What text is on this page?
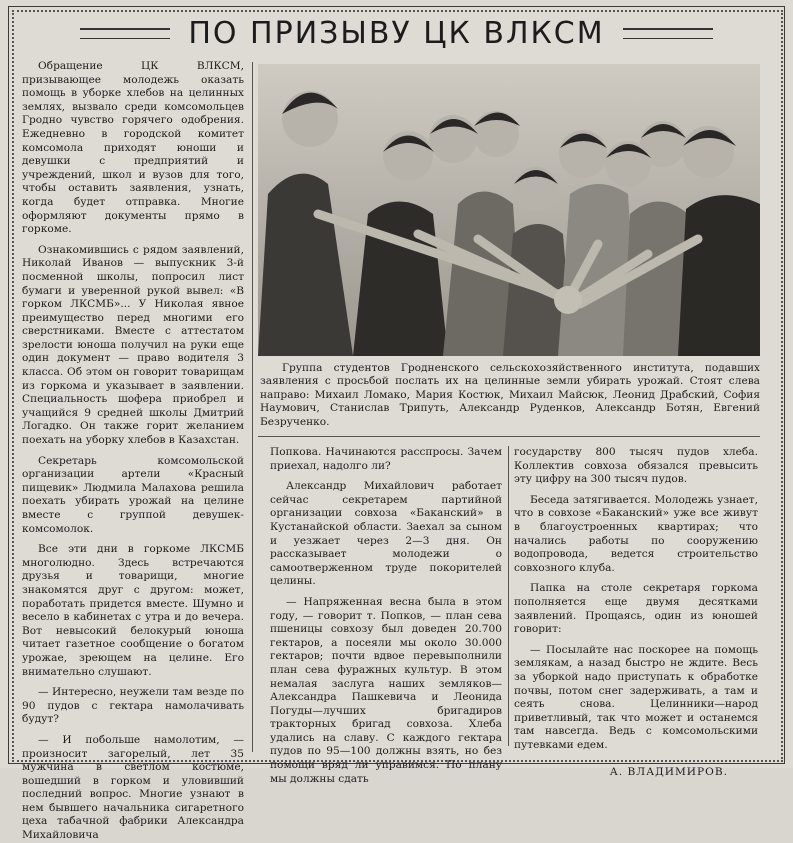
ПО ПРИЗЫВУ ЦК ВЛКСМ

Обращение ЦК ВЛКСМ, призывающее молодежь оказать помощь в уборке хлебов на целинных землях, вызвало среди комсомольцев Гродно чувство горячего одобрения. Ежедневно в городской комитет комсомола приходят юноши и девушки с предприятий и учреждений, школ и вузов для того, чтобы оставить заявления, узнать, когда будет отправка. Многие оформляют документы прямо в горкоме.

Ознакомившись с рядом заявлений, Николай Иванов — выпускник 3-й посменной школы, попросил лист бумаги и уверенной рукой вывел: «В горком ЛКСМБ»... У Николая явное преимущество перед многими его сверстниками. Вместе с аттестатом зрелости юноша получил на руки еще один документ — право водителя 3 класса. Об этом он говорит товарищам из горкома и указывает в заявлении. Специальность шофера приобрел и учащийся 9 средней школы Дмитрий Логадко. Он также горит желанием поехать на уборку хлебов в Казахстан.

Секретарь комсомольской организации артели «Красный пищевик» Людмила Малахова решила поехать убирать урожай на целине вместе с группой девушек-комсомолок.

Все эти дни в горкоме ЛКСМБ многолюдно. Здесь встречаются друзья и товарищи, многие знакомятся друг с другом: может, поработать придется вместе. Шумно и весело в кабинетах с утра и до вечера. Вот невысокий белокурый юноша читает газетное сообщение о богатом урожае, зреющем на целине. Его внимательно слушают.

— Интересно, неужели там везде по 90 пудов с гектара намолачивать будут?

— И побольше намолотим, — произносит загорелый, лет 35 мужчина в светлом костюме, вошедший в горком и уловивший последний вопрос. Многие узнают в нем бывшего начальника сигаретного цеха табачной фабрики Александра Михайловича

Группа студентов Гродненского сельскохозяйственного института, подавших заявления с просьбой послать их на целинные земли убирать урожай. Стоят слева направо: Михаил Ломако, Мария Костюк, Михаил Майсюк, Леонид Драбский, София Наумович, Станислав Трипуть, Александр Руденков, Александр Ботян, Евгений Безрученко.

Попкова. Начинаются расспросы. Зачем приехал, надолго ли?

Александр Михайлович работает сейчас секретарем партийной организации совхоза «Баканский» в Кустанайской области. Заехал за сыном и уезжает через 2—3 дня. Он рассказывает молодежи о самоотверженном труде покорителей целины.

— Напряженная весна была в этом году, — говорит т. Попков, — план сева пшеницы совхозу был доведен 20.700 гектаров, а посеяли мы около 30.000 гектаров; почти вдвое перевыполнили план сева фуражных культур. В этом немалая заслуга наших земляков—Александра Пашкевича и Леонида Погуды—лучших бригадиров тракторных бригад совхоза. Хлеба удались на славу. С каждого гектара пудов по 95—100 должны взять, но без помощи вряд ли управимся. По плану мы должны сдать

государству 800 тысяч пудов хлеба. Коллектив совхоза обязался превысить эту цифру на 300 тысяч пудов.

Беседа затягивается. Молодежь узнает, что в совхозе «Баканский» уже все живут в благоустроенных квартирах; что начались работы по сооружению водопровода, ведется строительство совхозного клуба.

Папка на столе секретаря горкома пополняется еще двумя десятками заявлений. Прощаясь, один из юношей говорит:

— Посылайте нас поскорее на помощь землякам, а назад быстро не ждите. Весь за уборкой надо приступать к обработке почвы, потом снег задерживать, а там и сеять снова. Целинники—народ приветливый, так что может и останемся там навсегда. Ведь с комсомольскими путевками едем.

А. ВЛАДИМИРОВ.
